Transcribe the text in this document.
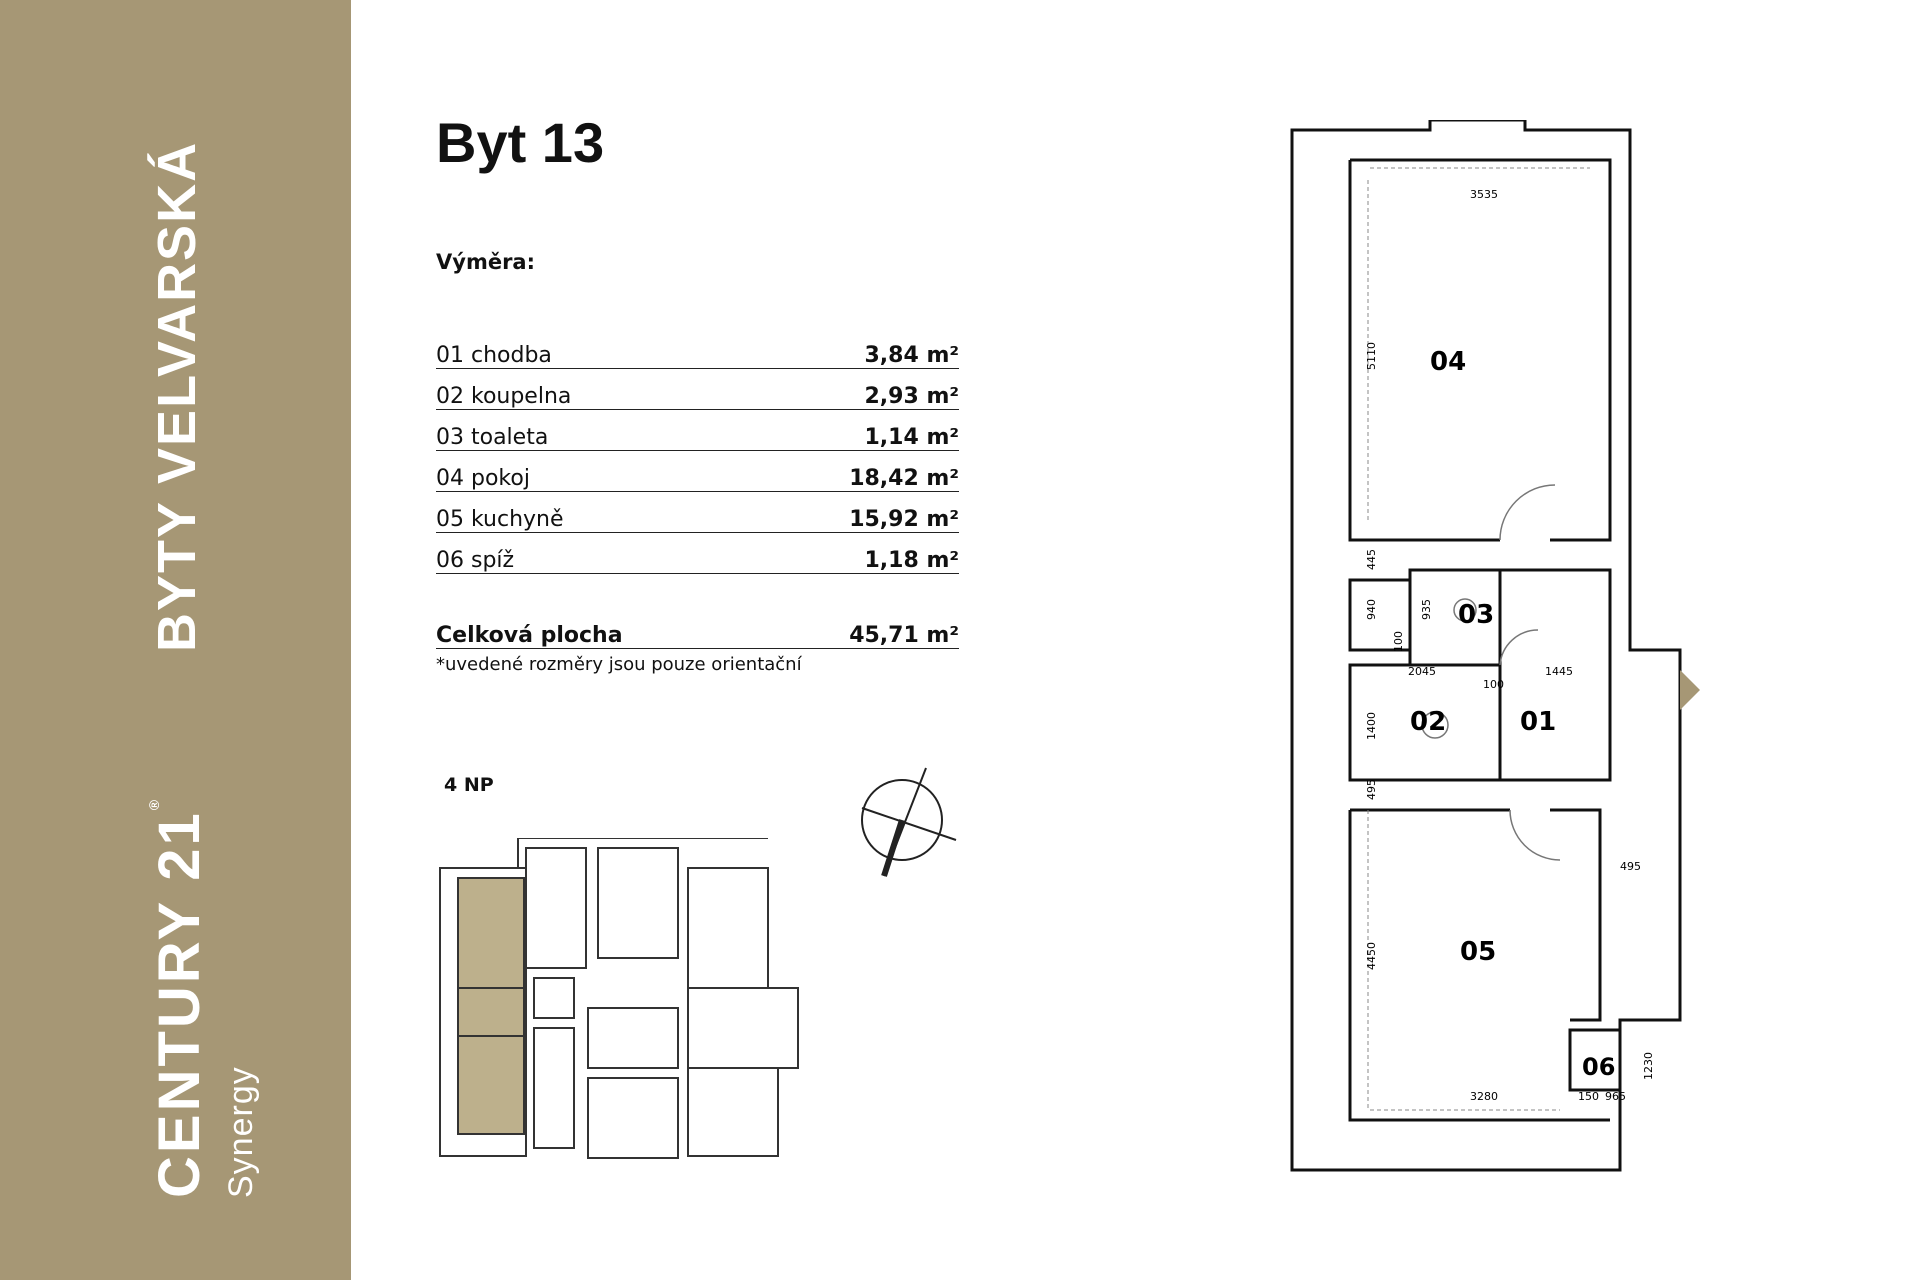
BYTY VELVARSKÁ
CENTURY 21®
Synergy
Byt 13
Výměra:
01 chodba	3,84 m²
02 koupelna	2,93 m²
03 toaleta	1,14 m²
04 pokoj	18,42 m²
05 kuchyně	15,92 m²
06 spíž	1,18 m²
Celková plocha	45,71 m²
*uvedené rozměry jsou pouze orientační
4 NP
04
03
02	01
05
06
3535
5110
445
940	935
100
2045
100
1445
1400
495
495
4450
3280	150 965
1230
